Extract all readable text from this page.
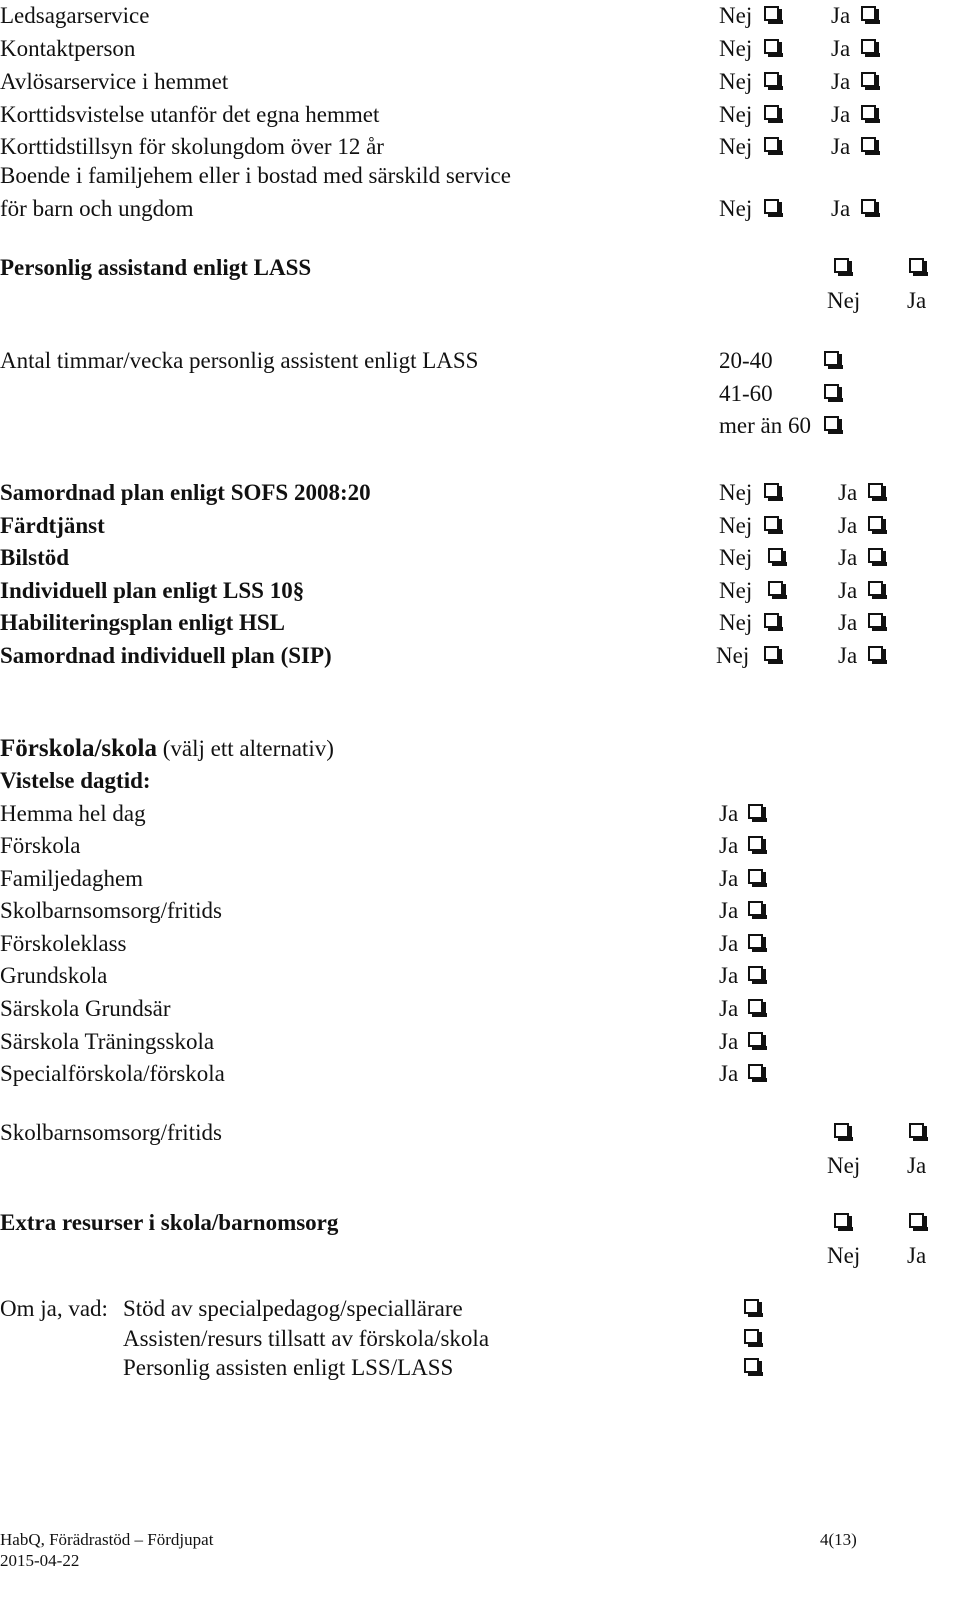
Ledsagarservice	Nej	Ja
Kontaktperson	Nej	Ja
Avlösarservice i hemmet	Nej	Ja
Korttidsvistelse utanför det egna hemmet	Nej	Ja
Korttidstillsyn för skolungdom över 12 år	Nej	Ja
Boende i familjehem eller i bostad med särskild service
för barn och ungdom	Nej	Ja
Personlig assistand enligt LASS
Nej Ja
Antal timmar/vecka personlig assistent enligt LASS	20-40
41-60
mer än 60
Samordnad plan enligt SOFS 2008:20	Nej	Ja
Färdtjänst	Nej	Ja
Bilstöd	Nej	Ja
Individuell plan enligt LSS 10§	Nej	Ja
Habiliteringsplan enligt HSL	Nej	Ja
Samordnad individuell plan (SIP)	Nej	Ja
Förskola/skola (välj ett alternativ)
Vistelse dagtid:
Hemma hel dag	Ja
Förskola	Ja
Familjedaghem	Ja
Skolbarnsomsorg/fritids	Ja
Förskoleklass	Ja
Grundskola	Ja
Särskola Grundsär	Ja
Särskola Träningsskola	Ja
Specialförskola/förskola	Ja
Skolbarnsomsorg/fritids
Nej Ja
Extra resurser i skola/barnomsorg
Nej Ja
Om ja, vad: Stöd av specialpedagog/speciallärare
Assisten/resurs tillsatt av förskola/skola
Personlig assisten enligt LSS/LASS
HabQ, Förädrastöd – Fördjupat
2015-04-22
4(13)
